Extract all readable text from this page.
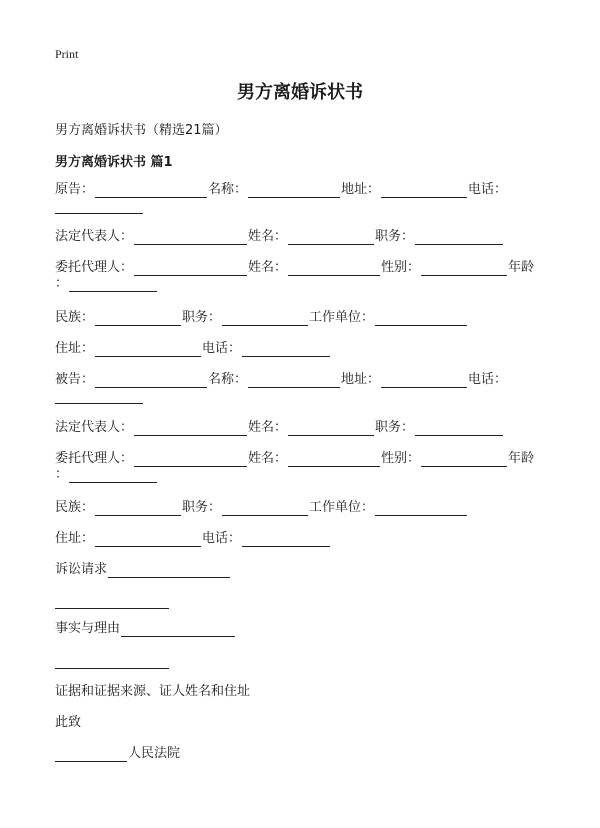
Print
男方离婚诉状书
男方离婚诉状书（精选21篇）
男方离婚诉状书 篇1
原告：	名称：	地址：	电话：
法定代表人：	姓名：	职务：
委托代理人：	姓名：	性别：	年龄
：
民族：	职务：	工作单位：
住址：	电话：
被告：	名称：	地址：	电话：
法定代表人：	姓名：	职务：
委托代理人：	姓名：	性别：	年龄
：
民族：	职务：	工作单位：
住址：	电话：
诉讼请求
事实与理由
证据和证据来源、证人姓名和住址
此致
人民法院
